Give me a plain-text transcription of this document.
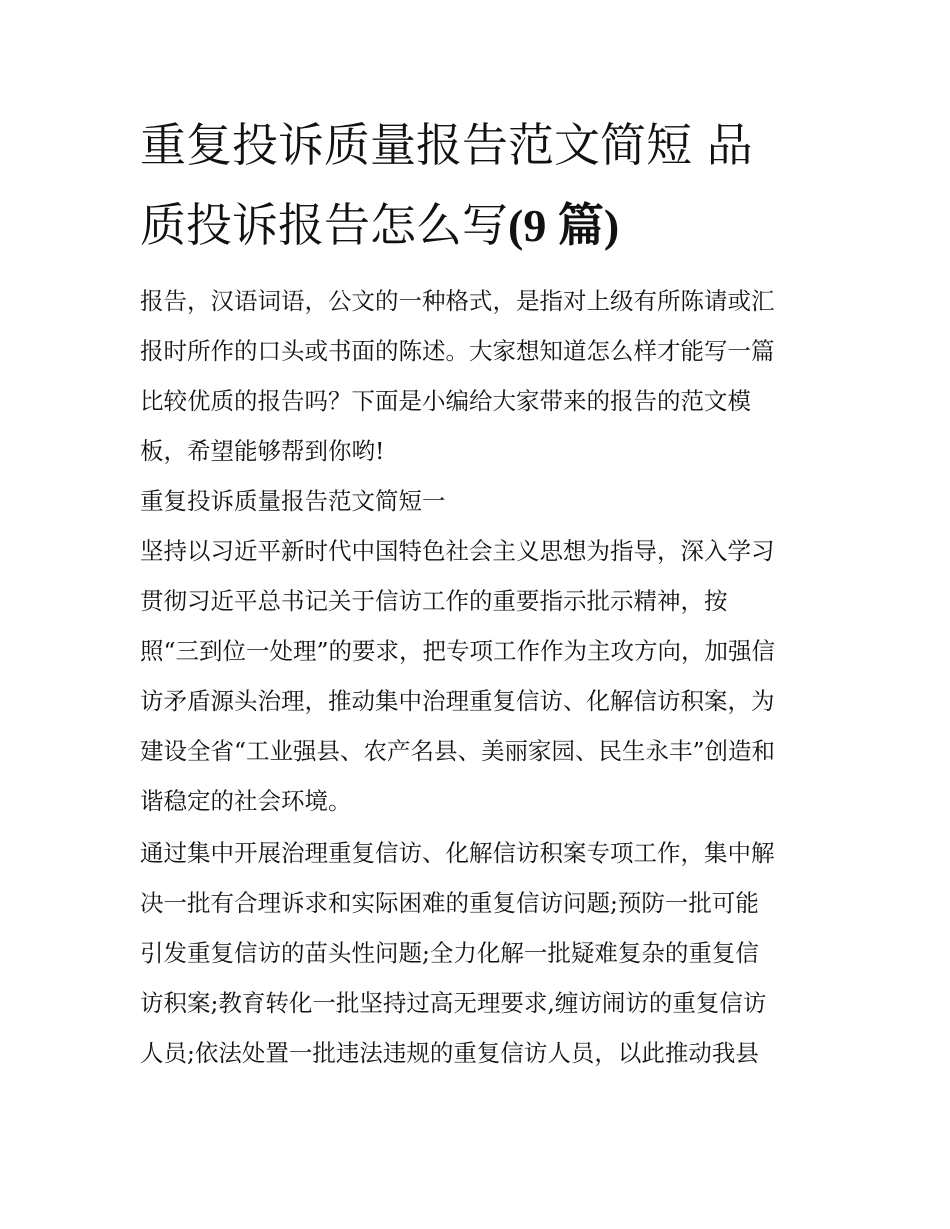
重复投诉质量报告范文简短 品
质投诉报告怎么写(9 篇)

报告，汉语词语，公文的一种格式，是指对上级有所陈请或汇

报时所作的口头或书面的陈述。大家想知道怎么样才能写一篇

比较优质的报告吗？下面是小编给大家带来的报告的范文模

板，希望能够帮到你哟!

重复投诉质量报告范文简短一

坚持以习近平新时代中国特色社会主义思想为指导，深入学习

贯彻习近平总书记关于信访工作的重要指示批示精神，按

照“三到位一处理”的要求，把专项工作作为主攻方向，加强信

访矛盾源头治理，推动集中治理重复信访、化解信访积案，为

建设全省“工业强县、农产名县、美丽家园、民生永丰”创造和

谐稳定的社会环境。

通过集中开展治理重复信访、化解信访积案专项工作，集中解

决一批有合理诉求和实际困难的重复信访问题;预防一批可能

引发重复信访的苗头性问题;全力化解一批疑难复杂的重复信

访积案;教育转化一批坚持过高无理要求,缠访闹访的重复信访

人员;依法处置一批违法违规的重复信访人员，以此推动我县
